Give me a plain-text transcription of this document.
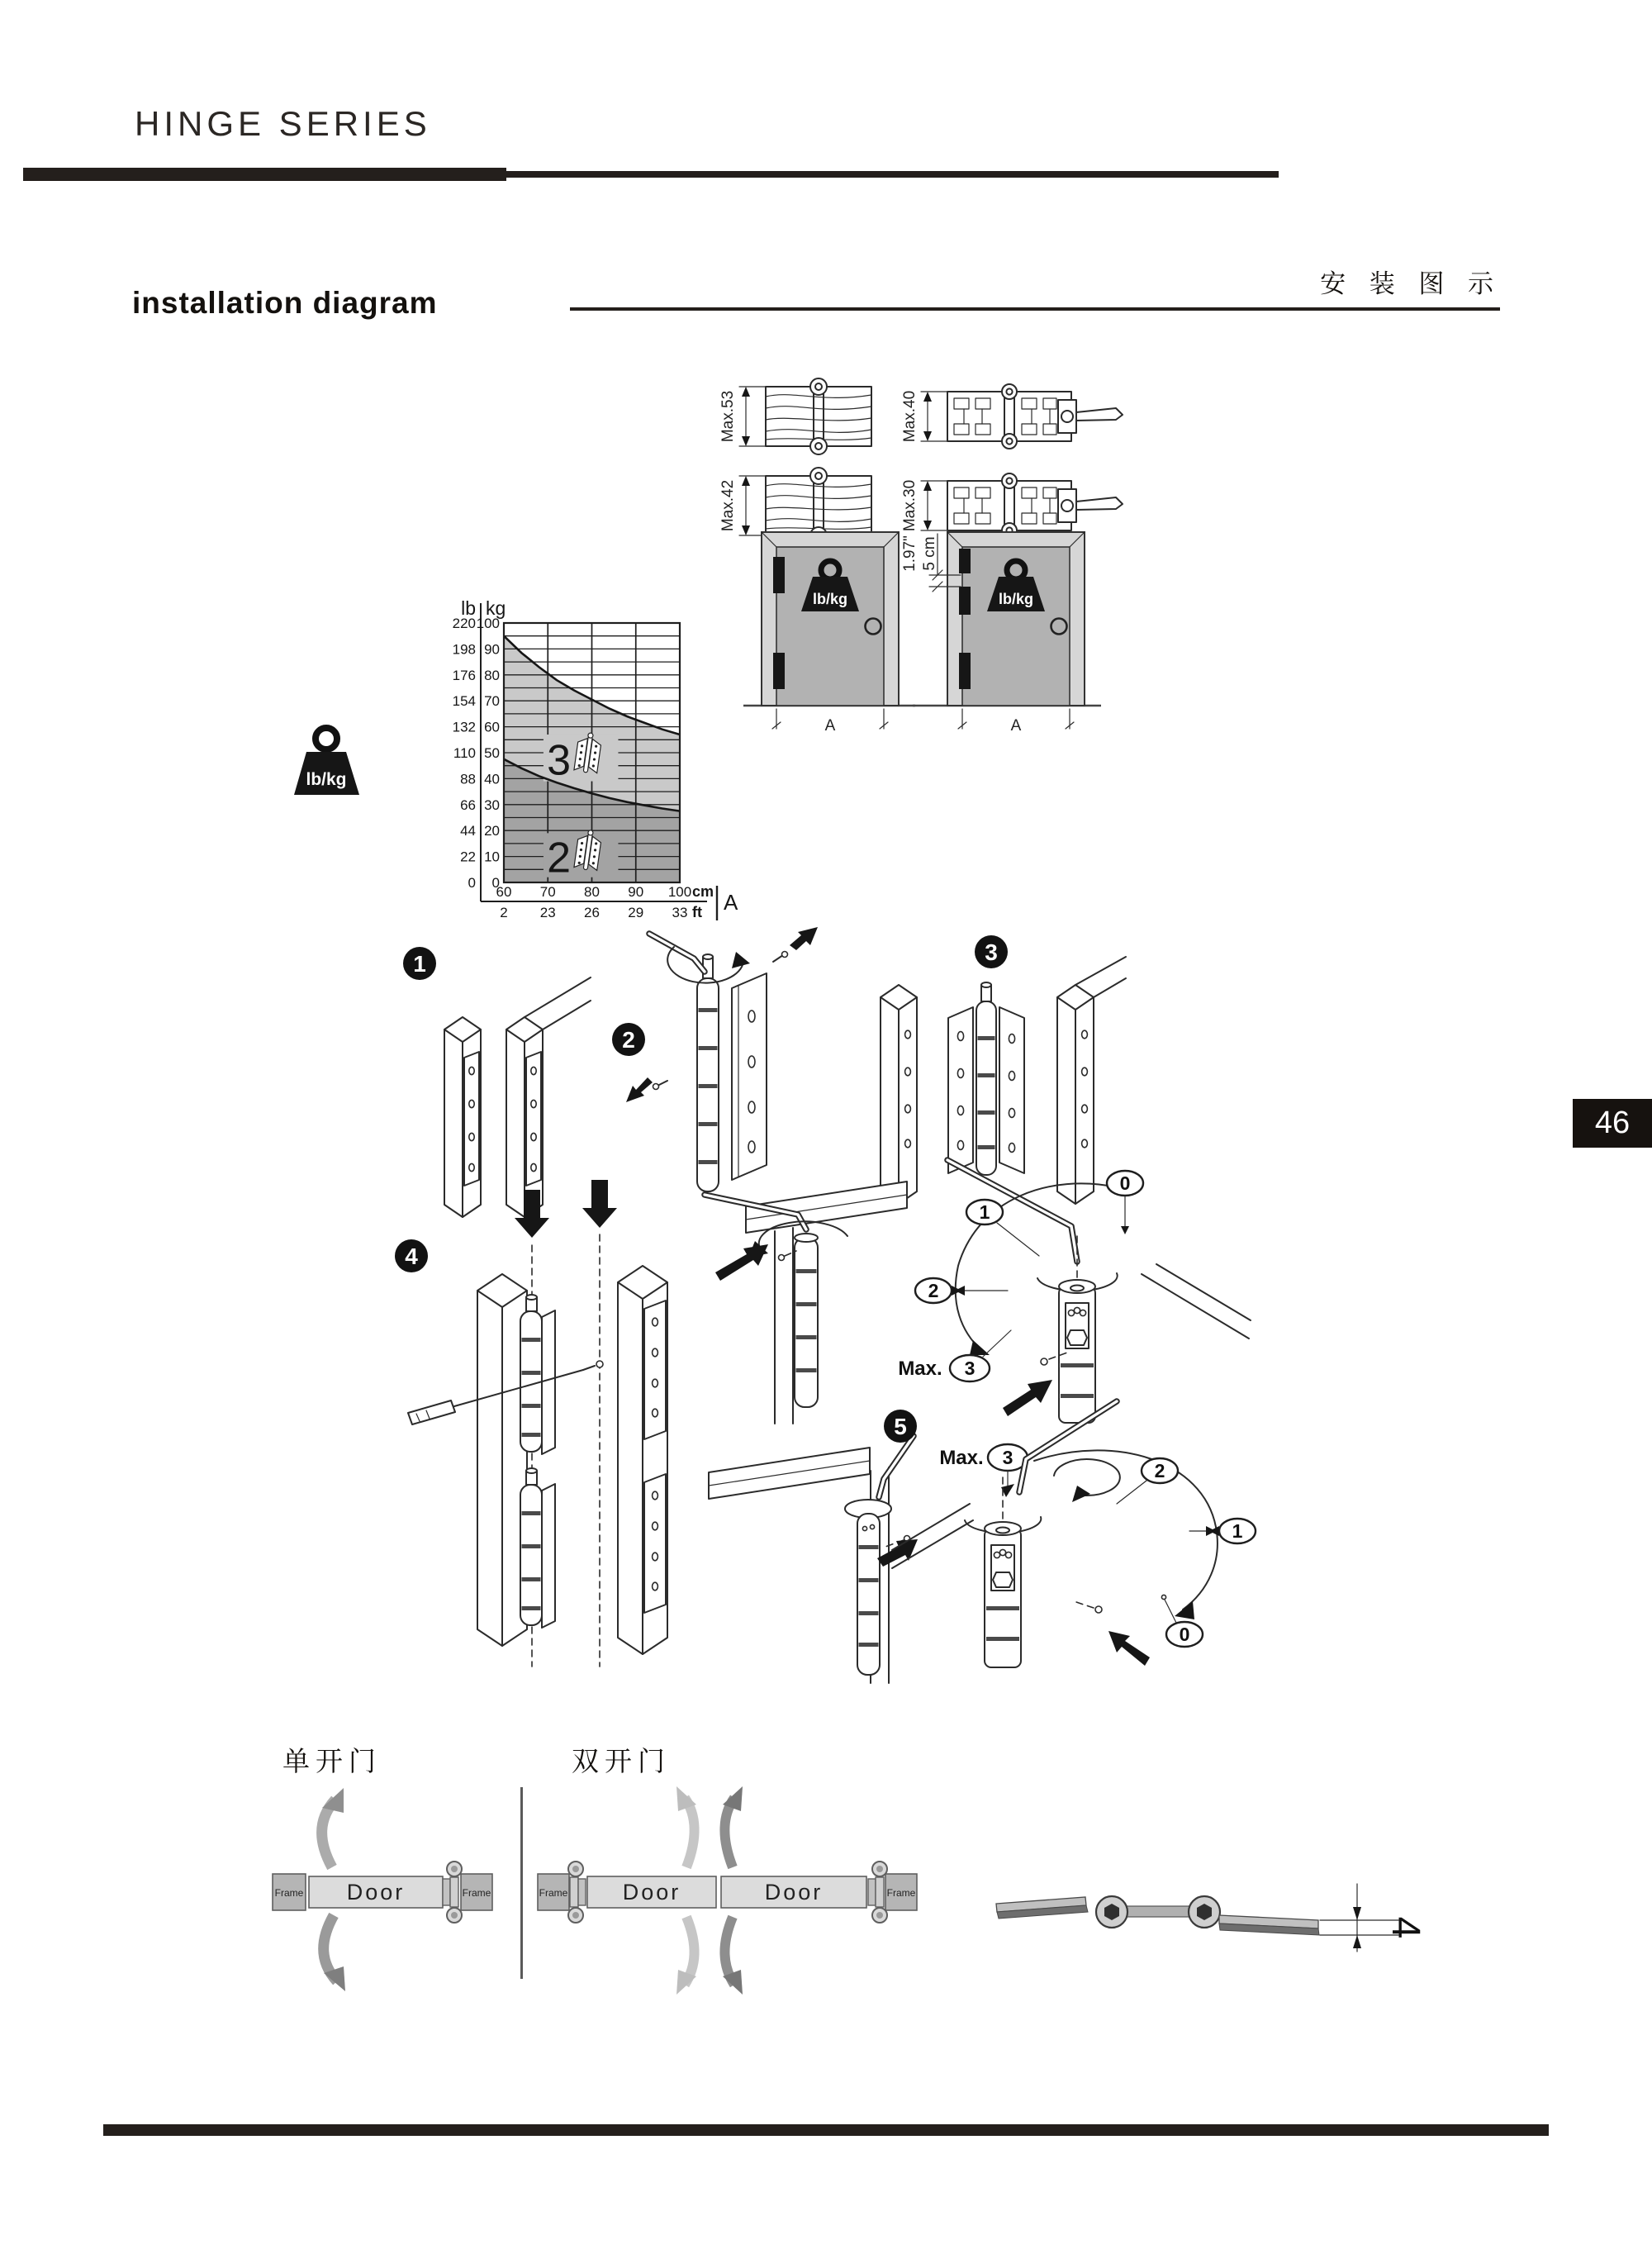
HINGE SERIES
installation diagram
安 装 图 示
Max.53	Max.40
Max.42	Max.30
lb/kg
A
1.97" 5 cm
lb/kg
A
lb/kg	3
2
lb kg
100
220
90
198
80
176
70
154
60
132
50
110
40
88
30
66
20
44
10
22
0
0
60
2
70
23
80
26
90
29
100
33
cm
ft A
1
2
3
4
0
1
2
Max. 3
5
Max. 3
2
1
0
单开门	双开门
Frame Door	Frame	Frame Door	Door	Frame
4
46
